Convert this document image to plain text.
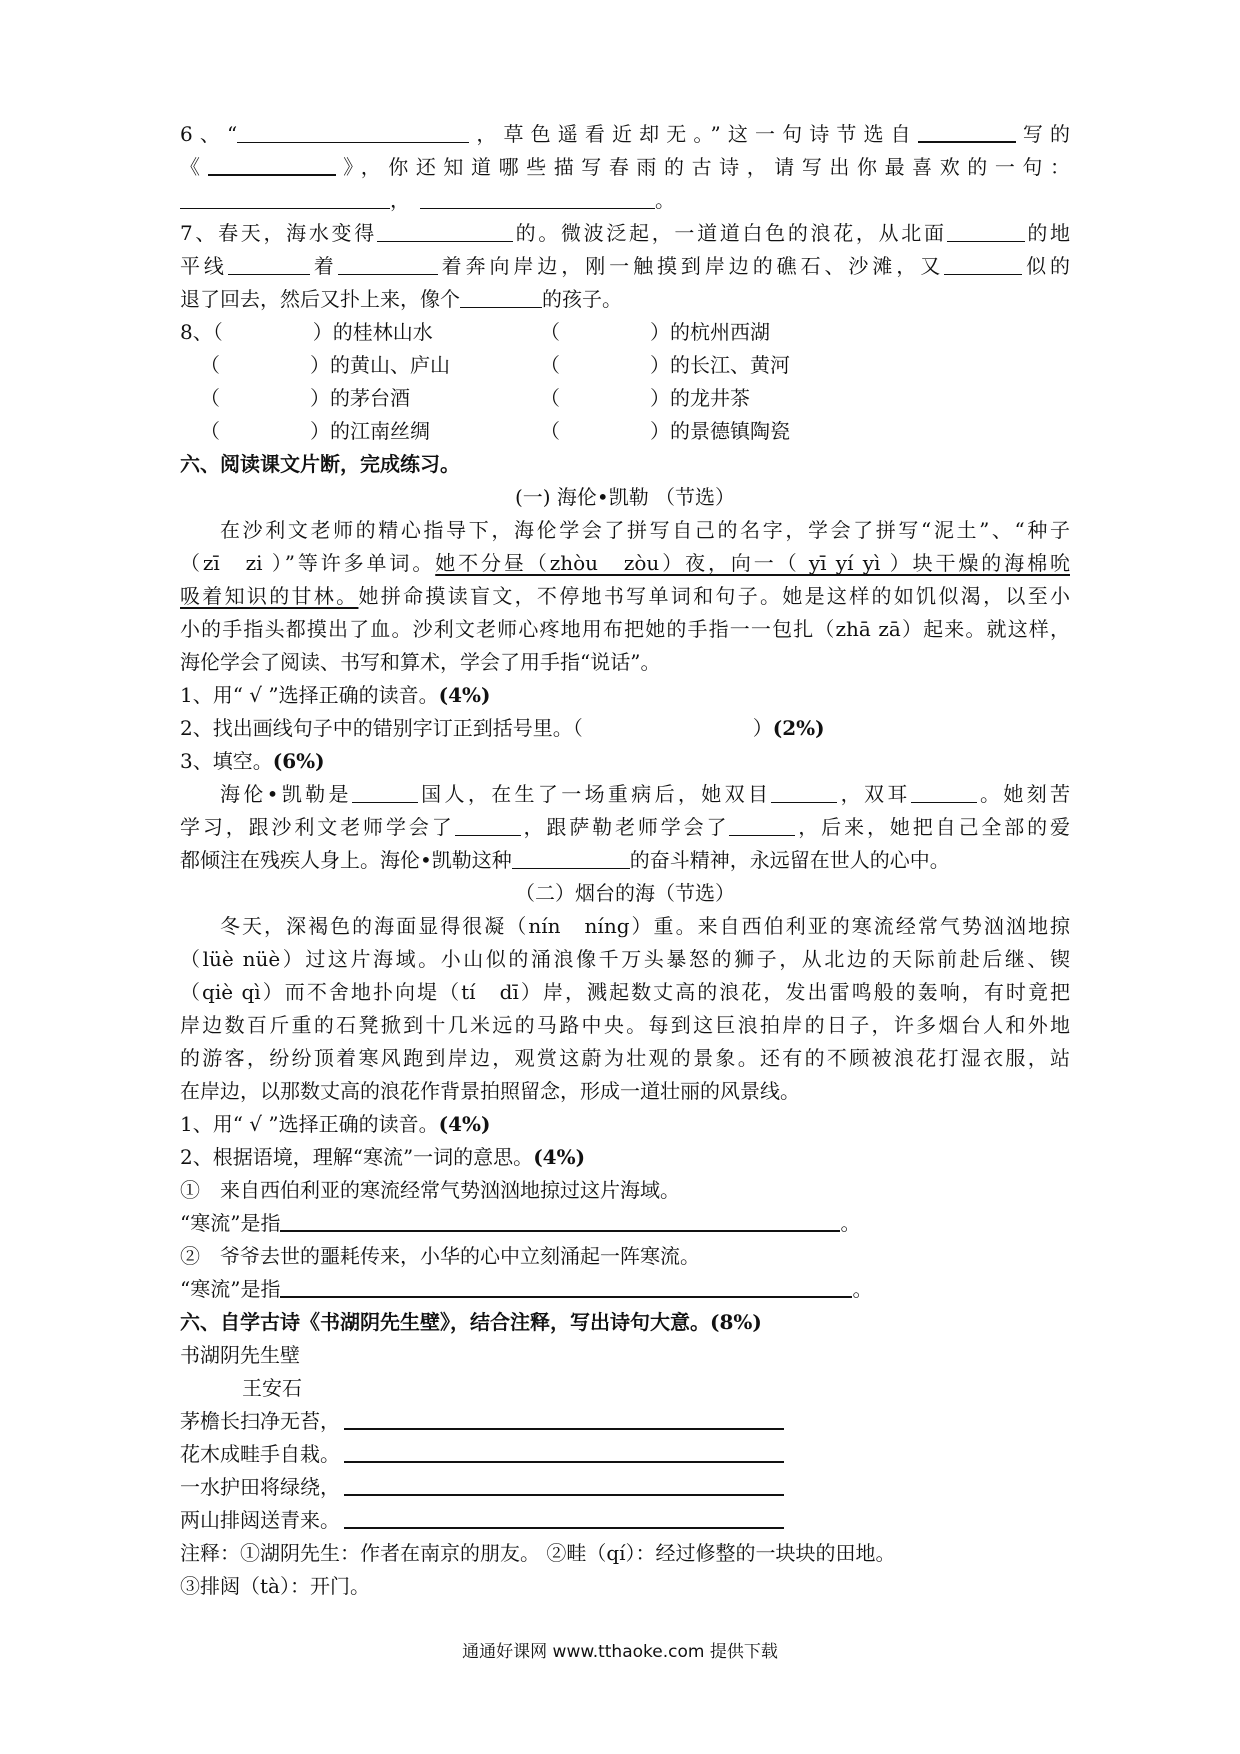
6、“	，草色遥看近却无。”这一句诗节选自	写的
《	》，你还知道哪些描写春雨的古诗，请写出你最喜欢的一句：
，	。
7、春天，海水变得	的。微波泛起，一道道白色的浪花，从北面	的地
平线	着	着奔向岸边，刚一触摸到岸边的礁石、沙滩，又	似的
退了回去，然后又扑上来，像个	的孩子。
8、（	）的桂林山水	（	）的杭州西湖
（	）的黄山、庐山	（	）的长江、黄河
（	）的茅台酒	（	）的龙井茶
（	）的江南丝绸	（	）的景德镇陶瓷
六、阅读课文片断，完成练习。
(一) 海伦•凯勒 （节选）
在沙利文老师的精心指导下，海伦学会了拼写自己的名字，学会了拼写“泥土”、“种子
（zī　zi ）”等许多单词。她不分昼（zhòu　zòu）夜，向一（ yī yí yì ）块干燥的海棉吮
吸着知识的甘林。她拼命摸读盲文，不停地书写单词和句子。她是这样的如饥似渴，以至小
小的手指头都摸出了血。沙利文老师心疼地用布把她的手指一一包扎（zhā zā）起来。就这样，
海伦学会了阅读、书写和算术，学会了用手指“说话”。
1、用“ √ ”选择正确的读音。(4%)
2、找出画线句子中的错别字订正到括号里。（	）(2%)
3、填空。(6%)
海伦•凯勒是	国人，在生了一场重病后，她双目	，双耳	。她刻苦
学习，跟沙利文老师学会了	，跟萨勒老师学会了	，后来，她把自己全部的爱
都倾注在残疾人身上。海伦•凯勒这种	的奋斗精神，永远留在世人的心中。
（二）烟台的海（节选）
冬天，深褐色的海面显得很凝（nín　níng）重。来自西伯利亚的寒流经常气势汹汹地掠
（lüè nüè）过这片海域。小山似的涌浪像千万头暴怒的狮子，从北边的天际前赴后继、锲
（qiè qì）而不舍地扑向堤（tí　dī）岸，溅起数丈高的浪花，发出雷鸣般的轰响，有时竟把
岸边数百斤重的石凳掀到十几米远的马路中央。每到这巨浪拍岸的日子，许多烟台人和外地
的游客，纷纷顶着寒风跑到岸边，观赏这蔚为壮观的景象。还有的不顾被浪花打湿衣服，站
在岸边，以那数丈高的浪花作背景拍照留念，形成一道壮丽的风景线。
1、用“ √ ”选择正确的读音。(4%)
2、根据语境，理解“寒流”一词的意思。(4%)
①　来自西伯利亚的寒流经常气势汹汹地掠过这片海域。
“寒流”是指	。
②　爷爷去世的噩耗传来，小华的心中立刻涌起一阵寒流。
“寒流”是指	。
六、自学古诗《书湖阴先生壁》，结合注释，写出诗句大意。(8%)
书湖阴先生壁
王安石
茅檐长扫净无苔，
花木成畦手自栽。
一水护田将绿绕，
两山排闼送青来。
注释：①湖阴先生：作者在南京的朋友。 ②畦（qí）：经过修整的一块块的田地。
③排闼（tà）：开门。
通通好课网 www.tthaoke.com 提供下载
